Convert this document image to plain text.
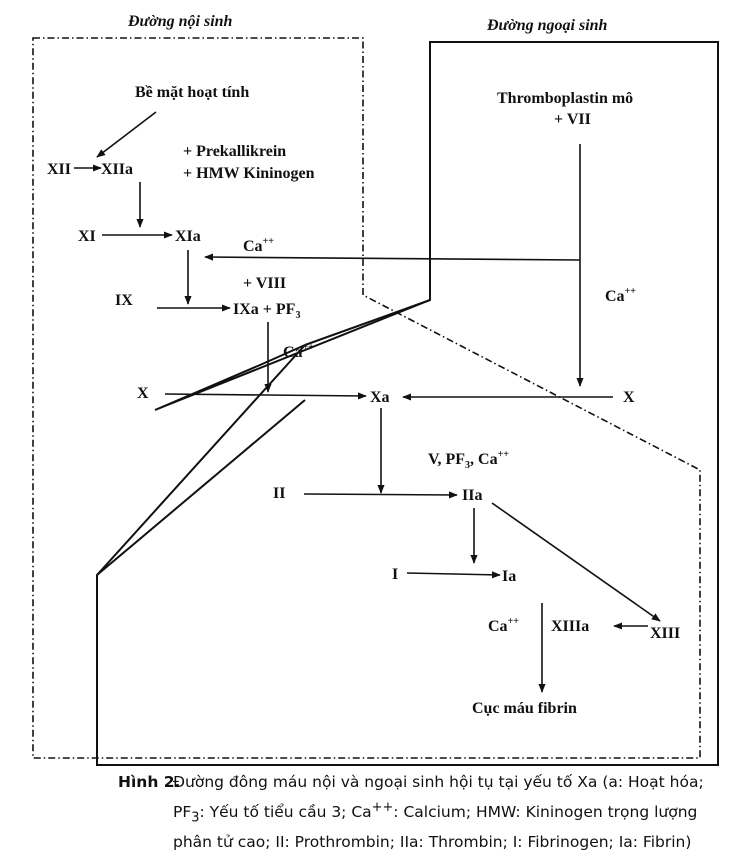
Đường nội sinh	Đường ngoại sinh
Bề mặt hoạt tính
XII XIIa
+ Prekallikrein
+ HMW Kininogen
XI	XIa
Ca++
IX
+ VIII
IXa + $PF_3$
Ca++
X
Thromboplastin mô
+ VII
Ca++
X
Xa
V, $PF_3$, Ca++
II	IIa
I	Ia
Ca++ XIIIa	XIII
Cục máu fibrin
Hình 2.
Đường đông máu nội và ngoại sinh hội tụ tại yếu tố Xa (a: Hoạt hóa; $PF_3$: Yếu tố tiểu cầu 3; Ca++: Calcium; HMW: Kininogen trọng lượng phân tử cao; II: Prothrombin; IIa: Thrombin; I: Fibrinogen; Ia: Fibrin)
